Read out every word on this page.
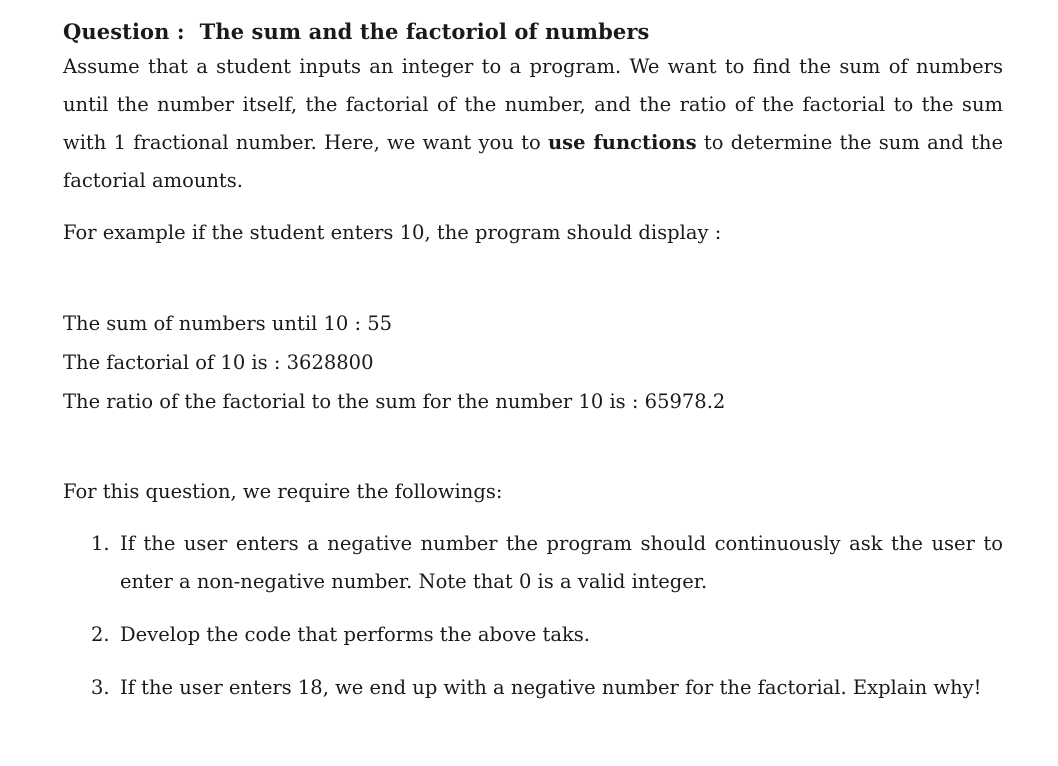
Question : The sum and the factoriol of numbers

Assume that a student inputs an integer to a program. We want to find the sum of numbers until the number itself, the factorial of the number, and the ratio of the factorial to the sum with 1 fractional number. Here, we want you to use functions to determine the sum and the factorial amounts.

For example if the student enters 10, the program should display :

The sum of numbers until 10 : 55

The factorial of 10 is : 3628800

The ratio of the factorial to the sum for the number 10 is : 65978.2

For this question, we require the followings:

1. If the user enters a negative number the program should continuously ask the user to enter a non-negative number. Note that 0 is a valid integer.
2. Develop the code that performs the above taks.
3. If the user enters 18, we end up with a negative number for the factorial. Explain why!
